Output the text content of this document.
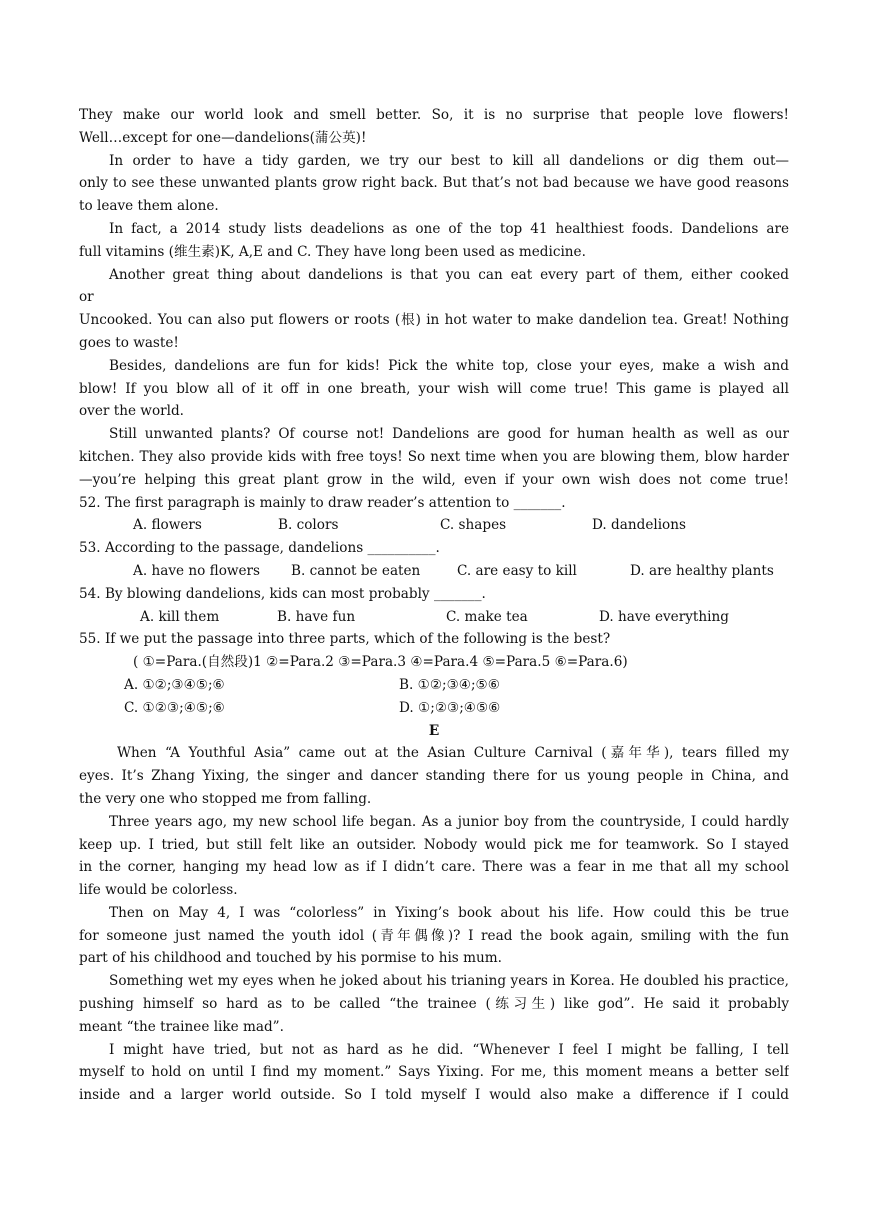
They make our world look and smell better. So, it is no surprise that people love flowers!
Well…except for one—dandelions(蒲公英)!
In order to have a tidy garden, we try our best to kill all dandelions or dig them out—
only to see these unwanted plants grow right back. But that’s not bad because we have good reasons
to leave them alone.
In fact, a 2014 study lists deadelions as one of the top 41 healthiest foods. Dandelions are
full vitamins (维生素)K, A,E and C. They have long been used as medicine.
Another great thing about dandelions is that you can eat every part of them, either cooked
or
Uncooked. You can also put flowers or roots (根) in hot water to make dandelion tea. Great! Nothing
goes to waste!
Besides, dandelions are fun for kids! Pick the white top, close your eyes, make a wish and
blow! If you blow all of it off in one breath, your wish will come true! This game is played all
over the world.
Still unwanted plants? Of course not! Dandelions are good for human health as well as our
kitchen. They also provide kids with free toys! So next time when you are blowing them, blow harder
—you’re helping this great plant grow in the wild, even if your own wish does not come true!
52. The first paragraph is mainly to draw reader’s attention to _______.
A. flowers	B. colors	C. shapes	D. dandelions
53. According to the passage, dandelions __________.
A. have no flowers B. cannot be eaten	C. are easy to kill	D. are healthy plants
54. By blowing dandelions, kids can most probably _______.
A. kill them	B. have fun	C. make tea	D. have everything
55. If we put the passage into three parts, which of the following is the best?
( ①=Para.(自然段)1 ②=Para.2 ③=Para.3 ④=Para.4 ⑤=Para.5 ⑥=Para.6)
A. ①②;③④⑤;⑥	B. ①②;③④;⑤⑥
C. ①②③;④⑤;⑥	D. ①;②③;④⑤⑥
E
When “A Youthful Asia” came out at the Asian Culture Carnival (嘉年华), tears filled my
eyes. It’s Zhang Yixing, the singer and dancer standing there for us young people in China, and
the very one who stopped me from falling.
Three years ago, my new school life began. As a junior boy from the countryside, I could hardly
keep up. I tried, but still felt like an outsider. Nobody would pick me for teamwork. So I stayed
in the corner, hanging my head low as if I didn’t care. There was a fear in me that all my school
life would be colorless.
Then on May 4, I was “colorless” in Yixing’s book about his life. How could this be true
for someone just named the youth idol (青年偶像)? I read the book again, smiling with the fun
part of his childhood and touched by his pormise to his mum.
Something wet my eyes when he joked about his trianing years in Korea. He doubled his practice,
pushing himself so hard as to be called “the trainee (练习生) like god”. He said it probably
meant “the trainee like mad”.
I might have tried, but not as hard as he did. “Whenever I feel I might be falling, I tell
myself to hold on until I find my moment.” Says Yixing. For me, this moment means a better self
inside and a larger world outside. So I told myself I would also make a difference if I could
